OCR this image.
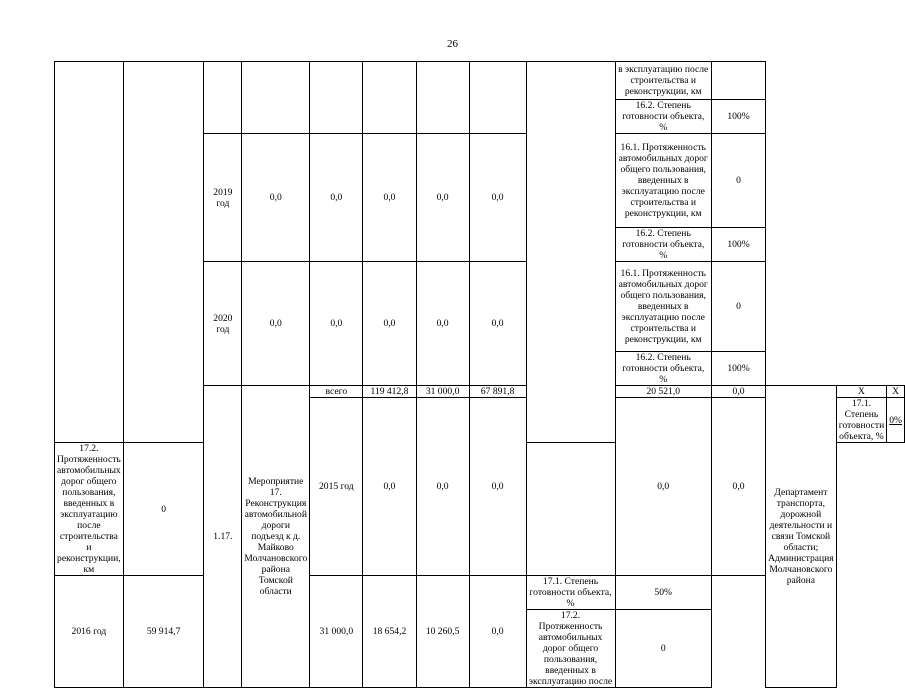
26
									в эксплуатацию после строительства и реконструкции, км				
									16.2. Степень готовности объекта, %	100%			
		2019 год	0,0	0,0	0,0	0,0	0,0		16.1. Протяженность автомобильных дорог общего пользования, введенных в эксплуатацию после строительства и реконструкции, км	0			
									16.2. Степень готовности объекта, %	100%			
		2020 год	0,0	0,0	0,0	0,0	0,0		16.1. Протяженность автомобильных дорог общего пользования, введенных в эксплуатацию после строительства и реконструкции, км	0			
									16.2. Степень готовности объекта, %	100%			
		1.17.	Мероприятие 17. Реконструкция автомобильной дороги подъезд к д. Майково Молчановского района Томской области	всего	119 412,8	31 000,0	67 891,8		20 521,0	0,0	Департамент транспорта, дорожной деятельности и связи Томской области; Администрация Молчановского района	X	X
				2015 год	0,0	0,0	0,0		0,0	0,0		17.1. Степень готовности объекта, %	0%
17.2. Протяженность автомобильных дорог общего пользования, введенных в эксплуатацию после строительства и реконструкции, км	0												
2016 год	59 914,7			31 000,0	18 654,2	10 260,5	0,0	17.1. Степень готовности объекта, %	50%				
								17.2. Протяженность автомобильных дорог общего пользования, введенных в эксплуатацию после	0				
